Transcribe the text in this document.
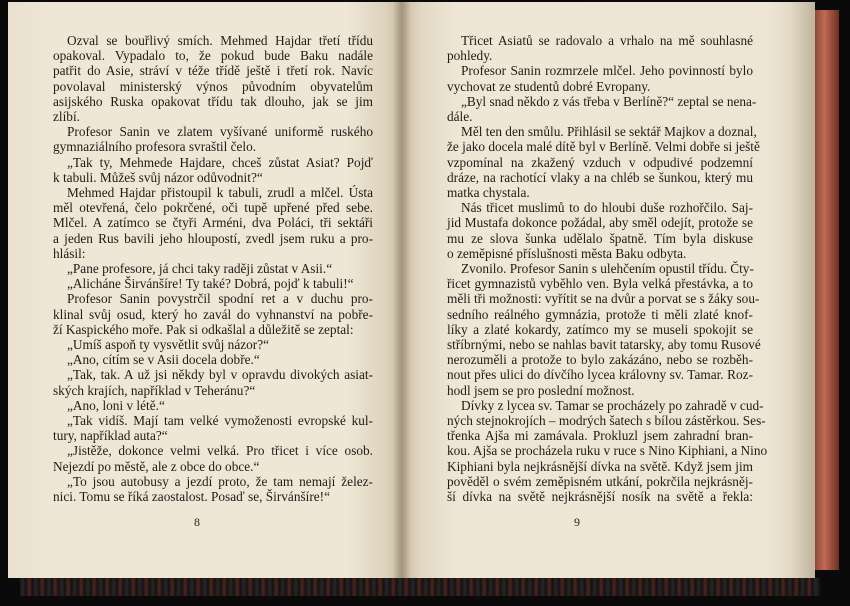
Ozval se bouřlivý smích. Mehmed Hajdar třetí třídu
opakoval. Vypadalo to, že pokud bude Baku nadále
patřit do Asie, stráví v téže třídě ještě i třetí rok. Navíc
povolaval ministerský výnos původním obyvatelům
asijského Ruska opakovat třídu tak dlouho, jak se jim
zlíbí.
Profesor Sanin ve zlatem vyšívané uniformě ruského
gymnaziálního profesora svraštil čelo.
„Tak ty, Mehmede Hajdare, chceš zůstat Asiat? Pojď
k tabuli. Můžeš svůj názor odůvodnit?“
Mehmed Hajdar přistoupil k tabuli, zrudl a mlčel. Ústa
měl otevřená, čelo pokrčené, oči tupě upřené před sebe.
Mlčel. A zatímco se čtyři Arméni, dva Poláci, tři sektáři
a jeden Rus bavili jeho hloupostí, zvedl jsem ruku a pro-
hlásil:
„Pane profesore, já chci taky raději zůstat v Asii.“
„Alicháne Širvánšíre! Ty také? Dobrá, pojď k tabuli!“
Profesor Sanin povystrčil spodní ret a v duchu pro-
klinal svůj osud, který ho zavál do vyhnanství na pobře-
ží Kaspického moře. Pak si odkašlal a důležitě se zeptal:
„Umíš aspoň ty vysvětlit svůj názor?“
„Ano, cítím se v Asii docela dobře.“
„Tak, tak. A už jsi někdy byl v opravdu divokých asiat-
ských krajích, například v Teheránu?“
„Ano, loni v létě.“
„Tak vidíš. Mají tam velké vymoženosti evropské kul-
tury, například auta?“
„Jistěže, dokonce velmi velká. Pro třicet i více osob.
Nejezdí po městě, ale z obce do obce.“
„To jsou autobusy a jezdí proto, že tam nemají želez-
nici. Tomu se říká zaostalost. Posaď se, Širvánšíre!“
Třicet Asiatů se radovalo a vrhalo na mě souhlasné
pohledy.
Profesor Sanin rozmrzele mlčel. Jeho povinností bylo
vychovat ze studentů dobré Evropany.
„Byl snad někdo z vás třeba v Berlíně?“ zeptal se nena-
dále.
Měl ten den smůlu. Přihlásil se sektář Majkov a doznal,
že jako docela malé dítě byl v Berlíně. Velmi dobře si ještě
vzpomínal na zkažený vzduch v odpudivé podzemní
dráze, na rachotící vlaky a na chléb se šunkou, který mu
matka chystala.
Nás třicet muslimů to do hloubi duše rozhořčilo. Saj-
jid Mustafa dokonce požádal, aby směl odejít, protože se
mu ze slova šunka udělalo špatně. Tím byla diskuse
o zeměpisné příslušnosti města Baku odbyta.
Zvonilo. Profesor Sanin s ulehčením opustil třídu. Čty-
řicet gymnazistů vyběhlo ven. Byla velká přestávka, a to
měli tři možnosti: vyřítit se na dvůr a porvat se s žáky sou-
sedního reálného gymnázia, protože ti měli zlaté knof-
líky a zlaté kokardy, zatímco my se museli spokojit se
stříbrnými, nebo se nahlas bavit tatarsky, aby tomu Rusové
nerozuměli a protože to bylo zakázáno, nebo se rozběh-
nout přes ulici do dívčího lycea královny sv. Tamar. Roz-
hodl jsem se pro poslední možnost.
Dívky z lycea sv. Tamar se procházely po zahradě v cud-
ných stejnokrojích – modrých šatech s bílou zástěrkou. Ses-
třenka Ajša mi zamávala. Prokluzl jsem zahradní bran-
kou. Ajša se procházela ruku v ruce s Nino Kiphiani, a Nino
Kiphiani byla nejkrásnější dívka na světě. Když jsem jim
pověděl o svém zeměpisném utkání, pokrčila nejkrásněj-
ší dívka na světě nejkrásnější nosík na světě a řekla:
8	9
